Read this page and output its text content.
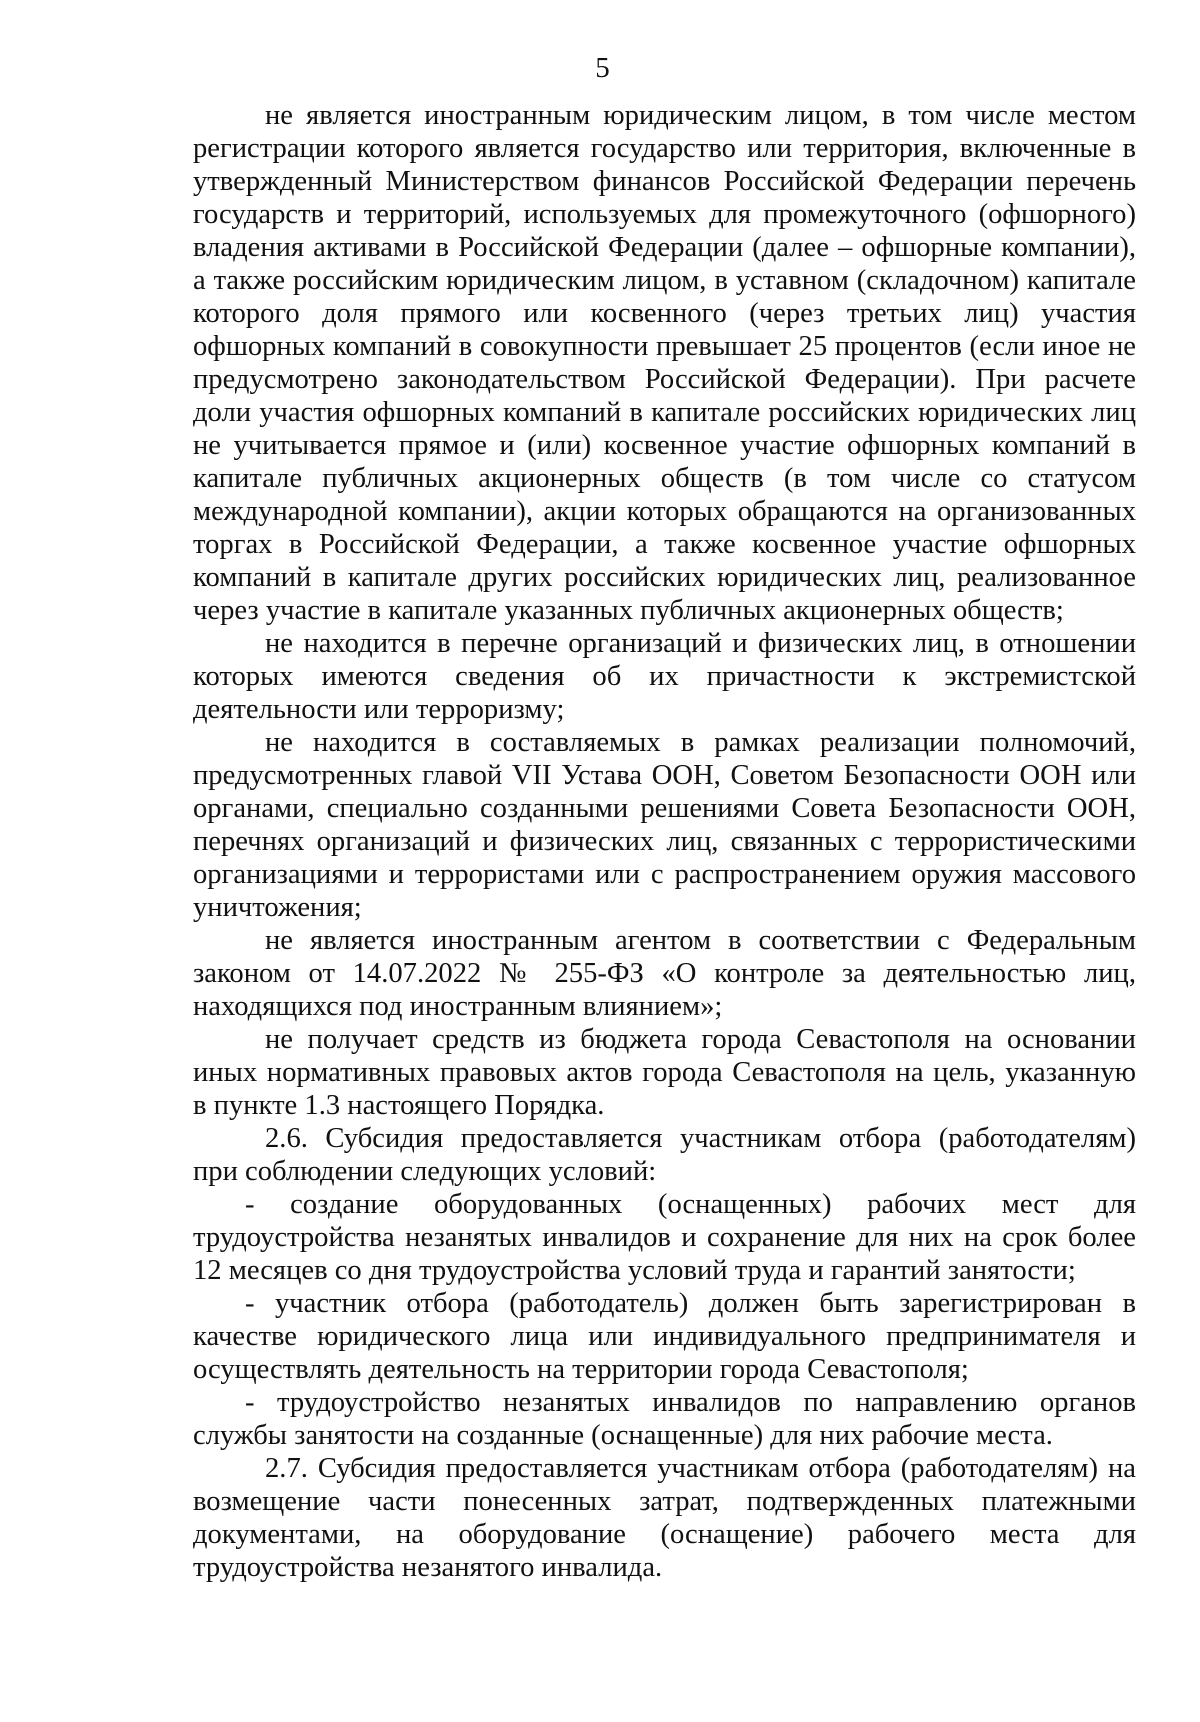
5

не является иностранным юридическим лицом, в том числе местом регистрации которого является государство или территория, включенные в утвержденный Министерством финансов Российской Федерации перечень государств и территорий, используемых для промежуточного (офшорного) владения активами в Российской Федерации (далее – офшорные компании), а также российским юридическим лицом, в уставном (складочном) капитале которого доля прямого или косвенного (через третьих лиц) участия офшорных компаний в совокупности превышает 25 процентов (если иное не предусмотрено законодательством Российской Федерации). При расчете доли участия офшорных компаний в капитале российских юридических лиц не учитывается прямое и (или) косвенное участие офшорных компаний в капитале публичных акционерных обществ (в том числе со статусом международной компании), акции которых обращаются на организованных торгах в Российской Федерации, а также косвенное участие офшорных компаний в капитале других российских юридических лиц, реализованное через участие в капитале указанных публичных акционерных обществ;

не находится в перечне организаций и физических лиц, в отношении которых имеются сведения об их причастности к экстремистской деятельности или терроризму;

не находится в составляемых в рамках реализации полномочий, предусмотренных главой VII Устава ООН, Советом Безопасности ООН или органами, специально созданными решениями Совета Безопасности ООН, перечнях организаций и физических лиц, связанных с террористическими организациями и террористами или с распространением оружия массового уничтожения;

не является иностранным агентом в соответствии с Федеральным законом от 14.07.2022 № 255-ФЗ «О контроле за деятельностью лиц, находящихся под иностранным влиянием»;

не получает средств из бюджета города Севастополя на основании иных нормативных правовых актов города Севастополя на цель, указанную в пункте 1.3 настоящего Порядка.

2.6. Субсидия предоставляется участникам отбора (работодателям) при соблюдении следующих условий:

- создание оборудованных (оснащенных) рабочих мест для трудоустройства незанятых инвалидов и сохранение для них на срок более 12 месяцев со дня трудоустройства условий труда и гарантий занятости;

- участник отбора (работодатель) должен быть зарегистрирован в качестве юридического лица или индивидуального предпринимателя и осуществлять деятельность на территории города Севастополя;

- трудоустройство незанятых инвалидов по направлению органов службы занятости на созданные (оснащенные) для них рабочие места.

2.7. Субсидия предоставляется участникам отбора (работодателям) на возмещение части понесенных затрат, подтвержденных платежными документами, на оборудование (оснащение) рабочего места для трудоустройства незанятого инвалида.
